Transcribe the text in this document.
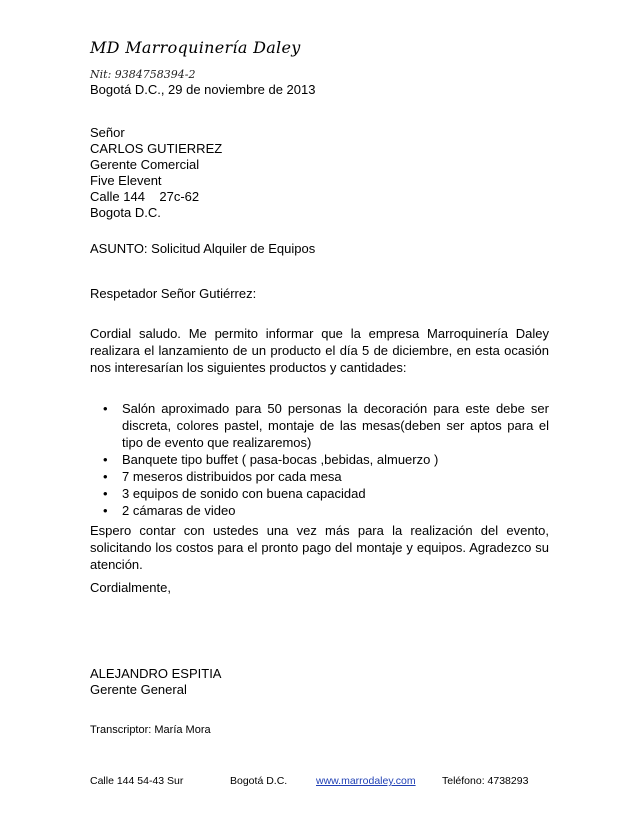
MD Marroquinería Daley
Nit: 9384758394-2
Bogotá D.C., 29 de noviembre de 2013
Señor
CARLOS GUTIERREZ
Gerente Comercial
Five Elevent
Calle 144    27c-62
Bogota D.C.
ASUNTO: Solicitud Alquiler de Equipos
Respetador Señor Gutiérrez:
Cordial saludo. Me permito informar que la empresa Marroquinería Daley realizara el lanzamiento de un producto el día 5 de diciembre, en esta ocasión nos interesarían los siguientes productos y cantidades:
• Salón aproximado para 50 personas la decoración para este debe ser discreta, colores pastel, montaje de las mesas(deben ser aptos para el tipo de evento que realizaremos)
• Banquete tipo buffet ( pasa-bocas ,bebidas, almuerzo )
• 7 meseros distribuidos por cada mesa
• 3 equipos de sonido con buena capacidad
• 2 cámaras de video
Espero contar con ustedes una vez más para la realización del evento, solicitando los costos para el pronto pago del montaje y equipos. Agradezco su atención.
Cordialmente,
ALEJANDRO ESPITIA
Gerente General
Transcriptor: María Mora
Calle 144 54-43 Sur	Bogotá D.C.	www.marrodaley.com	Teléfono: 4738293
